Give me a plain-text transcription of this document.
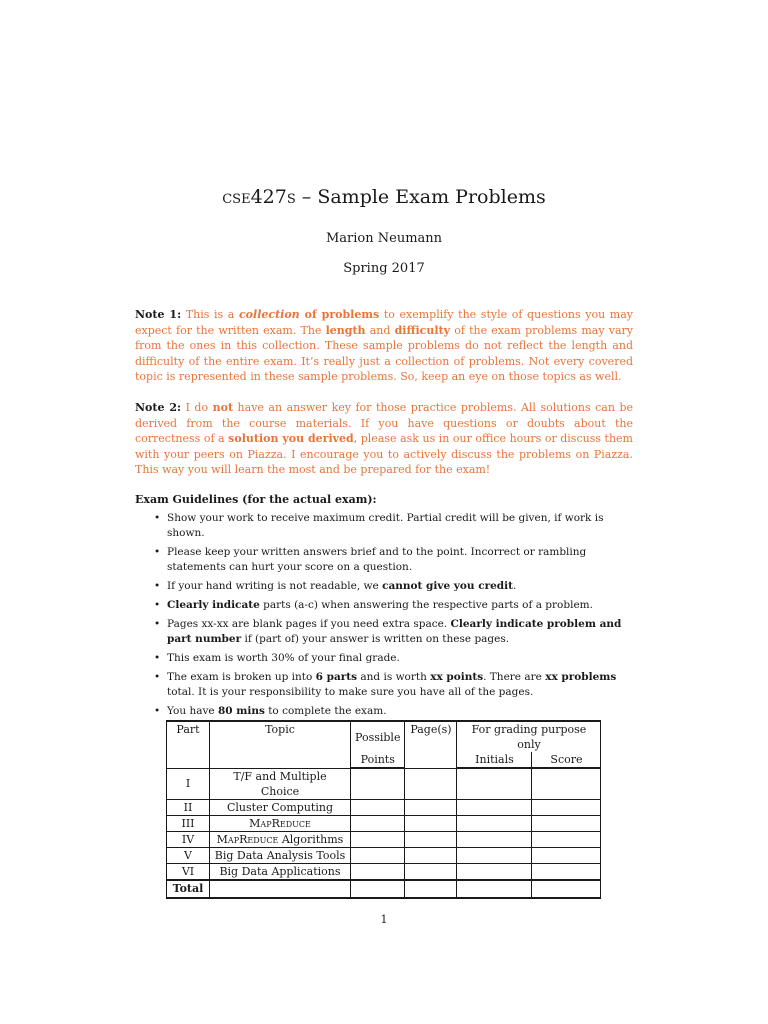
cse427s – Sample Exam Problems
Marion Neumann
Spring 2017
Note 1: This is a collection of problems to exemplify the style of questions you may expect for the written exam. The length and difficulty of the exam problems may vary from the ones in this collection. These sample problems do not reflect the length and difficulty of the entire exam. It’s really just a collection of problems. Not every covered topic is represented in these sample problems. So, keep an eye on those topics as well.
Note 2: I do not have an answer key for those practice problems. All solutions can be derived from the course materials. If you have questions or doubts about the correctness of a solution you derived, please ask us in our office hours or discuss them with your peers on Piazza. I encourage you to actively discuss the problems on Piazza. This way you will learn the most and be prepared for the exam!
Exam Guidelines (for the actual exam):
• Show your work to receive maximum credit. Partial credit will be given, if work is shown.
• Please keep your written answers brief and to the point. Incorrect or rambling statements can hurt your score on a question.
• If your hand writing is not readable, we cannot give you credit.
• Clearly indicate parts (a-c) when answering the respective parts of a problem.
• Pages xx-xx are blank pages if you need extra space. Clearly indicate problem and part number if (part of) your answer is written on these pages.
• This exam is worth 30% of your final grade.
• The exam is broken up into 6 parts and is worth xx points. There are xx problems total. It is your responsibility to make sure you have all of the pages.
• You have 80 mins to complete the exam.
Part	Topic	Possible	Page(s)	For grading purpose only	
		Points		Initials	Score
I	T/F and Multiple Choice				
II	Cluster Computing				
III	MapReduce				
IV	MapReduce Algorithms				
V	Big Data Analysis Tools				
VI	Big Data Applications				
Total					
1
